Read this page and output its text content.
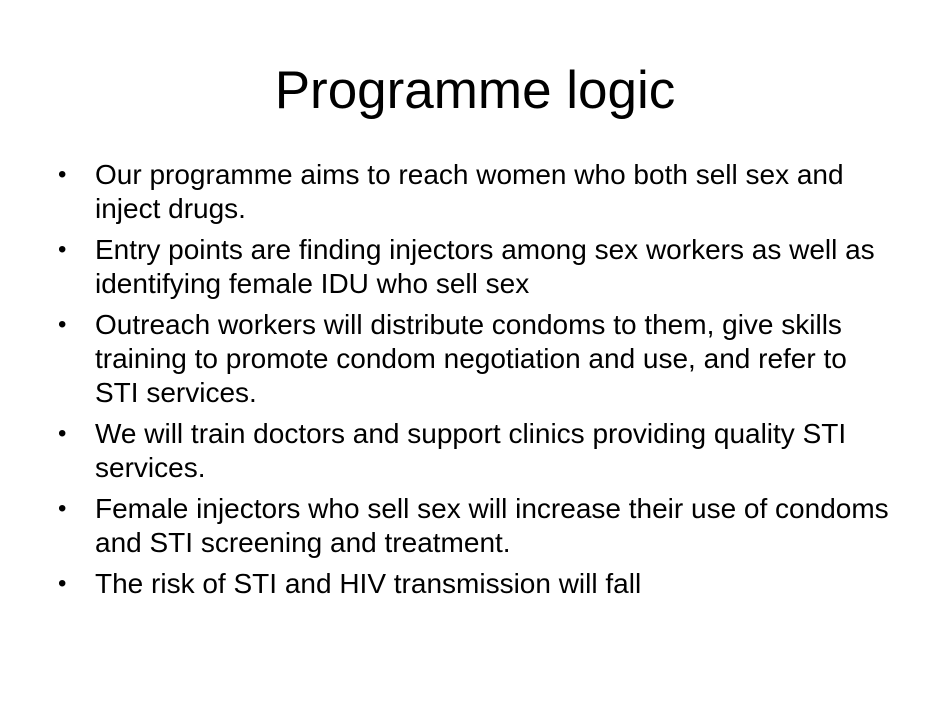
Programme logic
• Our programme aims to reach women who both sell sex and inject drugs.
• Entry points are finding injectors among sex workers as well as identifying female IDU who sell sex
• Outreach workers will distribute condoms to them, give skills training to promote condom negotiation and use, and refer to STI services.
• We will train doctors and support clinics providing quality STI services.
• Female injectors who sell sex will increase their use of condoms and STI screening and treatment.
• The risk of STI and HIV transmission will fall
